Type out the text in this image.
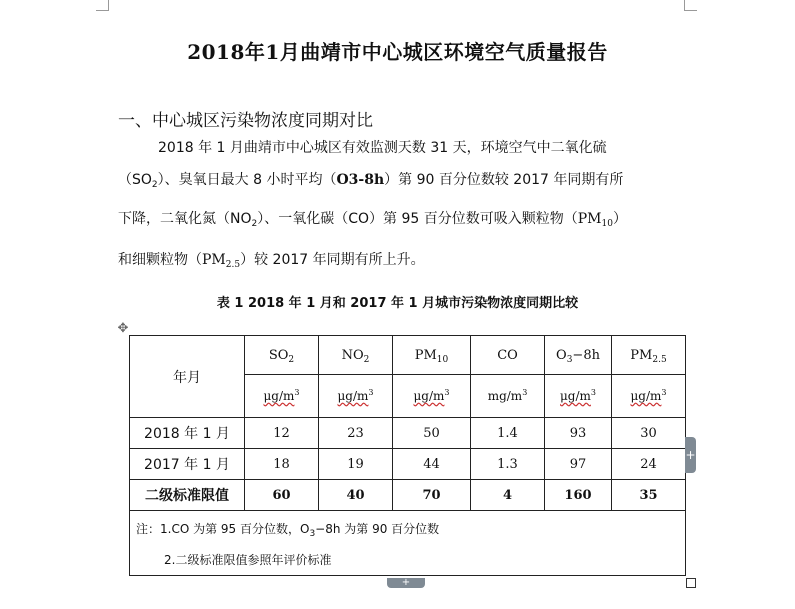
2018年1月曲靖市中心城区环境空气质量报告
一、中心城区污染物浓度同期对比
2018 年 1 月曲靖市中心城区有效监测天数 31 天，环境空气中二氧化硫
$(SO_2)$、臭氧日最大 8 小时平均（O3-8h）第 90 百分位数较 2017 年同期有所
下降，二氧化氮$(NO_2)$、一氧化碳（CO）第 95 百分位数可吸入颗粒物$(PM_{10})$
和细颗粒物$(PM_{2.5})$较 2017 年同期有所上升。
表 1 2018 年 1 月和 2017 年 1 月城市污染物浓度同期比较
✥
年月	$SO_2$	$NO_2$	$PM_{10}$	CO	$O_3-8h$	$PM_{2.5}$
	$\mu g/m^3$	$\mu g/m^3$	$\mu g/m^3$	$mg/m^3$	$\mu g/m^3$	$\mu g/m^3$
2018 年 1 月	12	23	50	1.4	93	30
2017 年 1 月	18	19	44	1.3	97	24
二级标准限值	60	40	70	4	160	35

注：1.CO 为第 95 百分位数，$O_3-8h$ 为第 90 百分位数
2.二级标准限值参照年评价标准						
+
+
